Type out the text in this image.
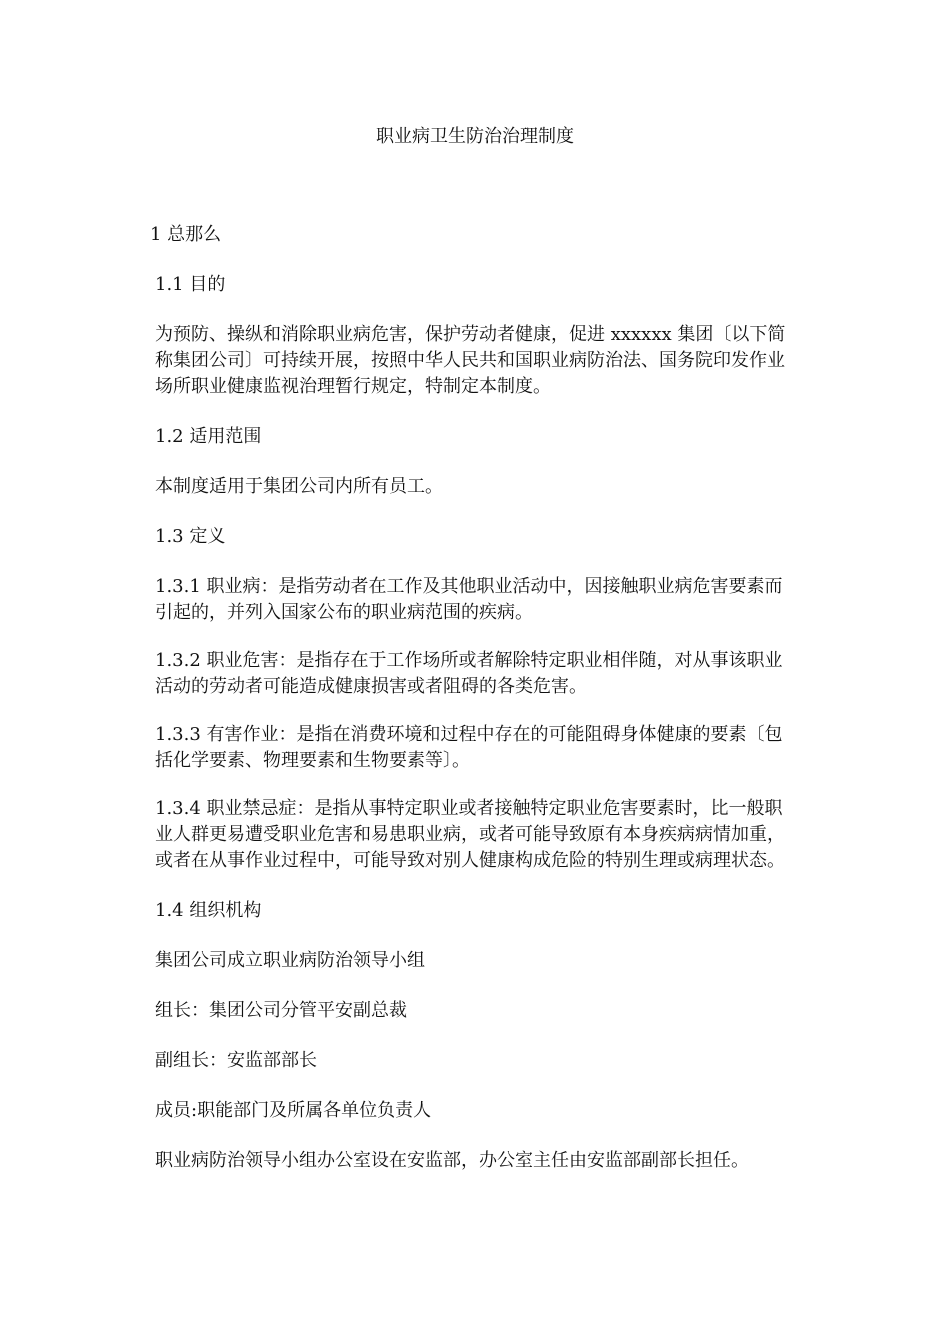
职业病卫生防治治理制度

1 总那么

1.1 目的

为预防、操纵和消除职业病危害，保护劳动者健康，促进 xxxxxx 集团〔以下简称集团公司〕可持续开展，按照中华人民共和国职业病防治法、国务院印发作业场所职业健康监视治理暂行规定，特制定本制度。

1.2 适用范围

本制度适用于集团公司内所有员工。

1.3 定义

1.3.1 职业病：是指劳动者在工作及其他职业活动中，因接触职业病危害要素而引起的，并列入国家公布的职业病范围的疾病。

1.3.2 职业危害：是指存在于工作场所或者解除特定职业相伴随，对从事该职业活动的劳动者可能造成健康损害或者阻碍的各类危害。

1.3.3 有害作业：是指在消费环境和过程中存在的可能阻碍身体健康的要素〔包括化学要素、物理要素和生物要素等〕。

1.3.4 职业禁忌症：是指从事特定职业或者接触特定职业危害要素时，比一般职业人群更易遭受职业危害和易患职业病，或者可能导致原有本身疾病病情加重，或者在从事作业过程中，可能导致对别人健康构成危险的特别生理或病理状态。

1.4 组织机构

集团公司成立职业病防治领导小组

组长：集团公司分管平安副总裁

副组长：安监部部长

成员:职能部门及所属各单位负责人

职业病防治领导小组办公室设在安监部，办公室主任由安监部副部长担任。
